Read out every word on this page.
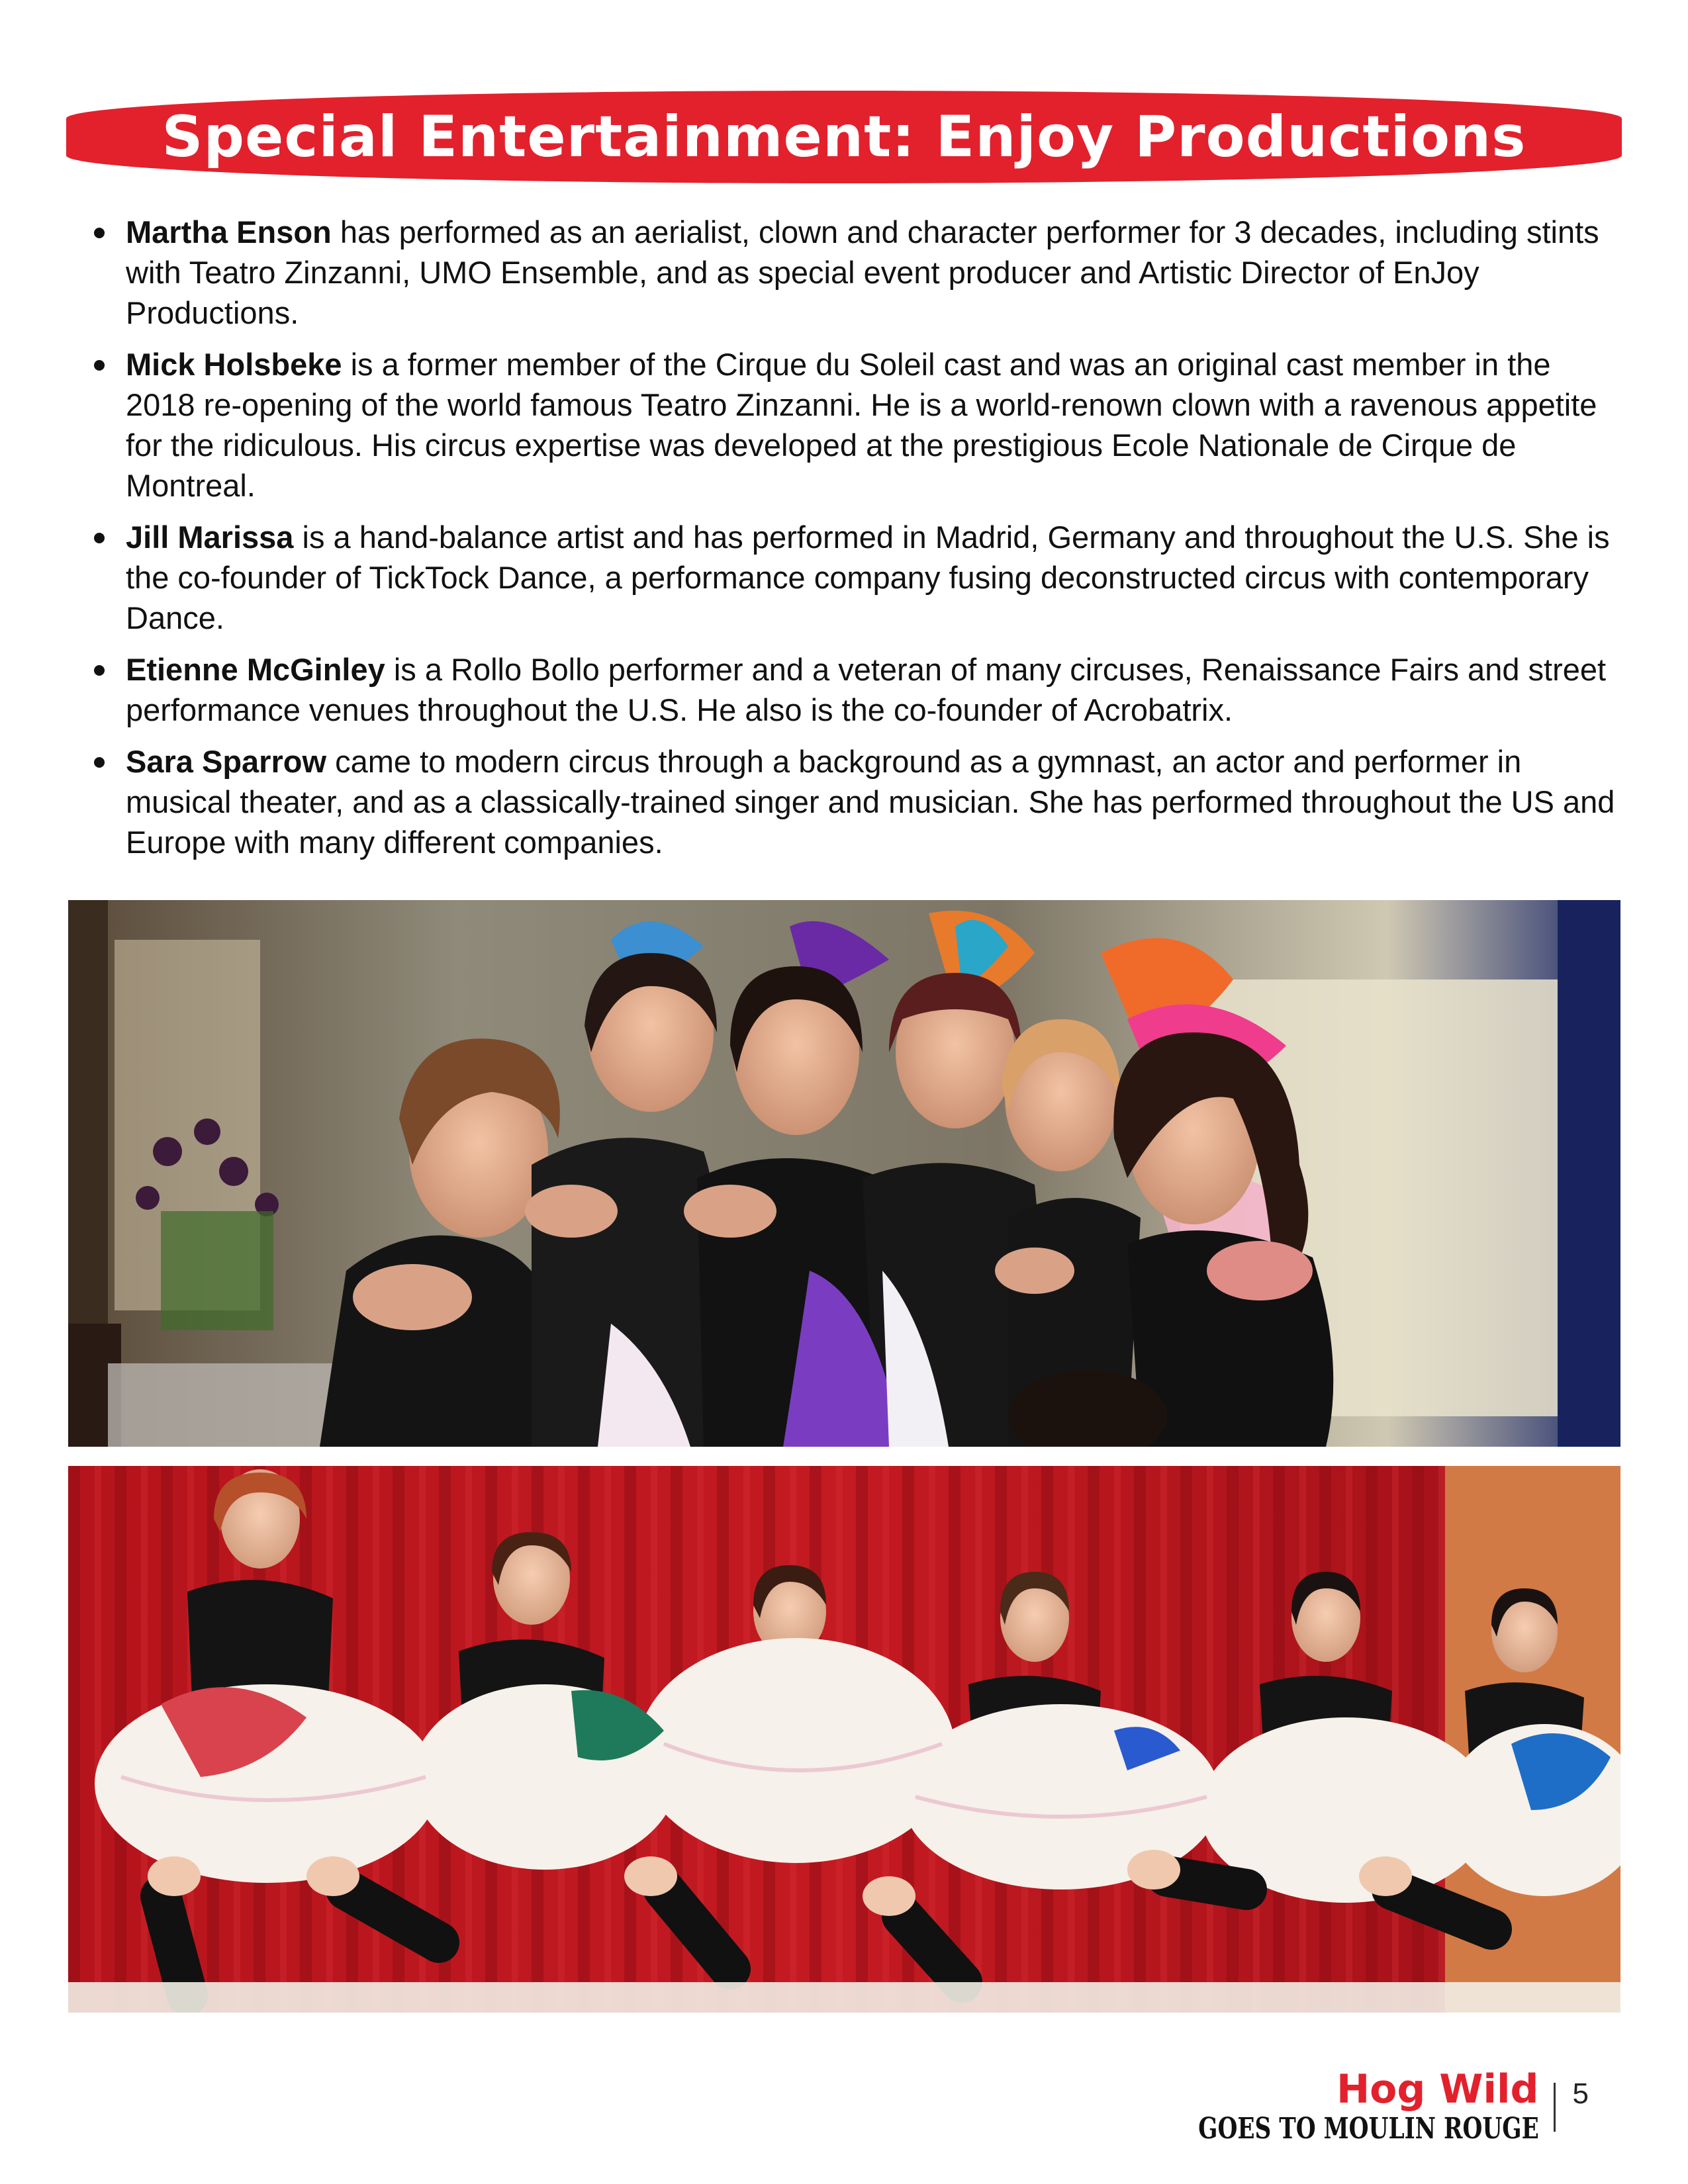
Special Entertainment: Enjoy Productions
Martha Enson has performed as an aerialist, clown and character performer for 3 decades, including stints with Teatro Zinzanni, UMO Ensemble, and as special event producer and Artistic Director of EnJoy Productions.
Mick Holsbeke is a former member of the Cirque du Soleil cast and was an original cast member in the 2018 re-opening of the world famous Teatro Zinzanni. He is a world-renown clown with a ravenous appetite for the ridiculous. His circus expertise was developed at the prestigious Ecole Nationale de Cirque de Montreal.
Jill Marissa is a hand-balance artist and has performed in Madrid, Germany and throughout the U.S. She is the co-founder of TickTock Dance, a performance company fusing deconstructed circus with contemporary Dance.
Etienne McGinley is a Rollo Bollo performer and a veteran of many circuses, Renaissance Fairs and street performance venues throughout the U.S. He also is the co-founder of Acrobatrix.
Sara Sparrow came to modern circus through a background as a gymnast, an actor and performer in musical theater, and as a classically-trained singer and musician. She has performed throughout the US and Europe with many different companies.
Hog Wild
GOES TO MOULIN ROUGE
5
